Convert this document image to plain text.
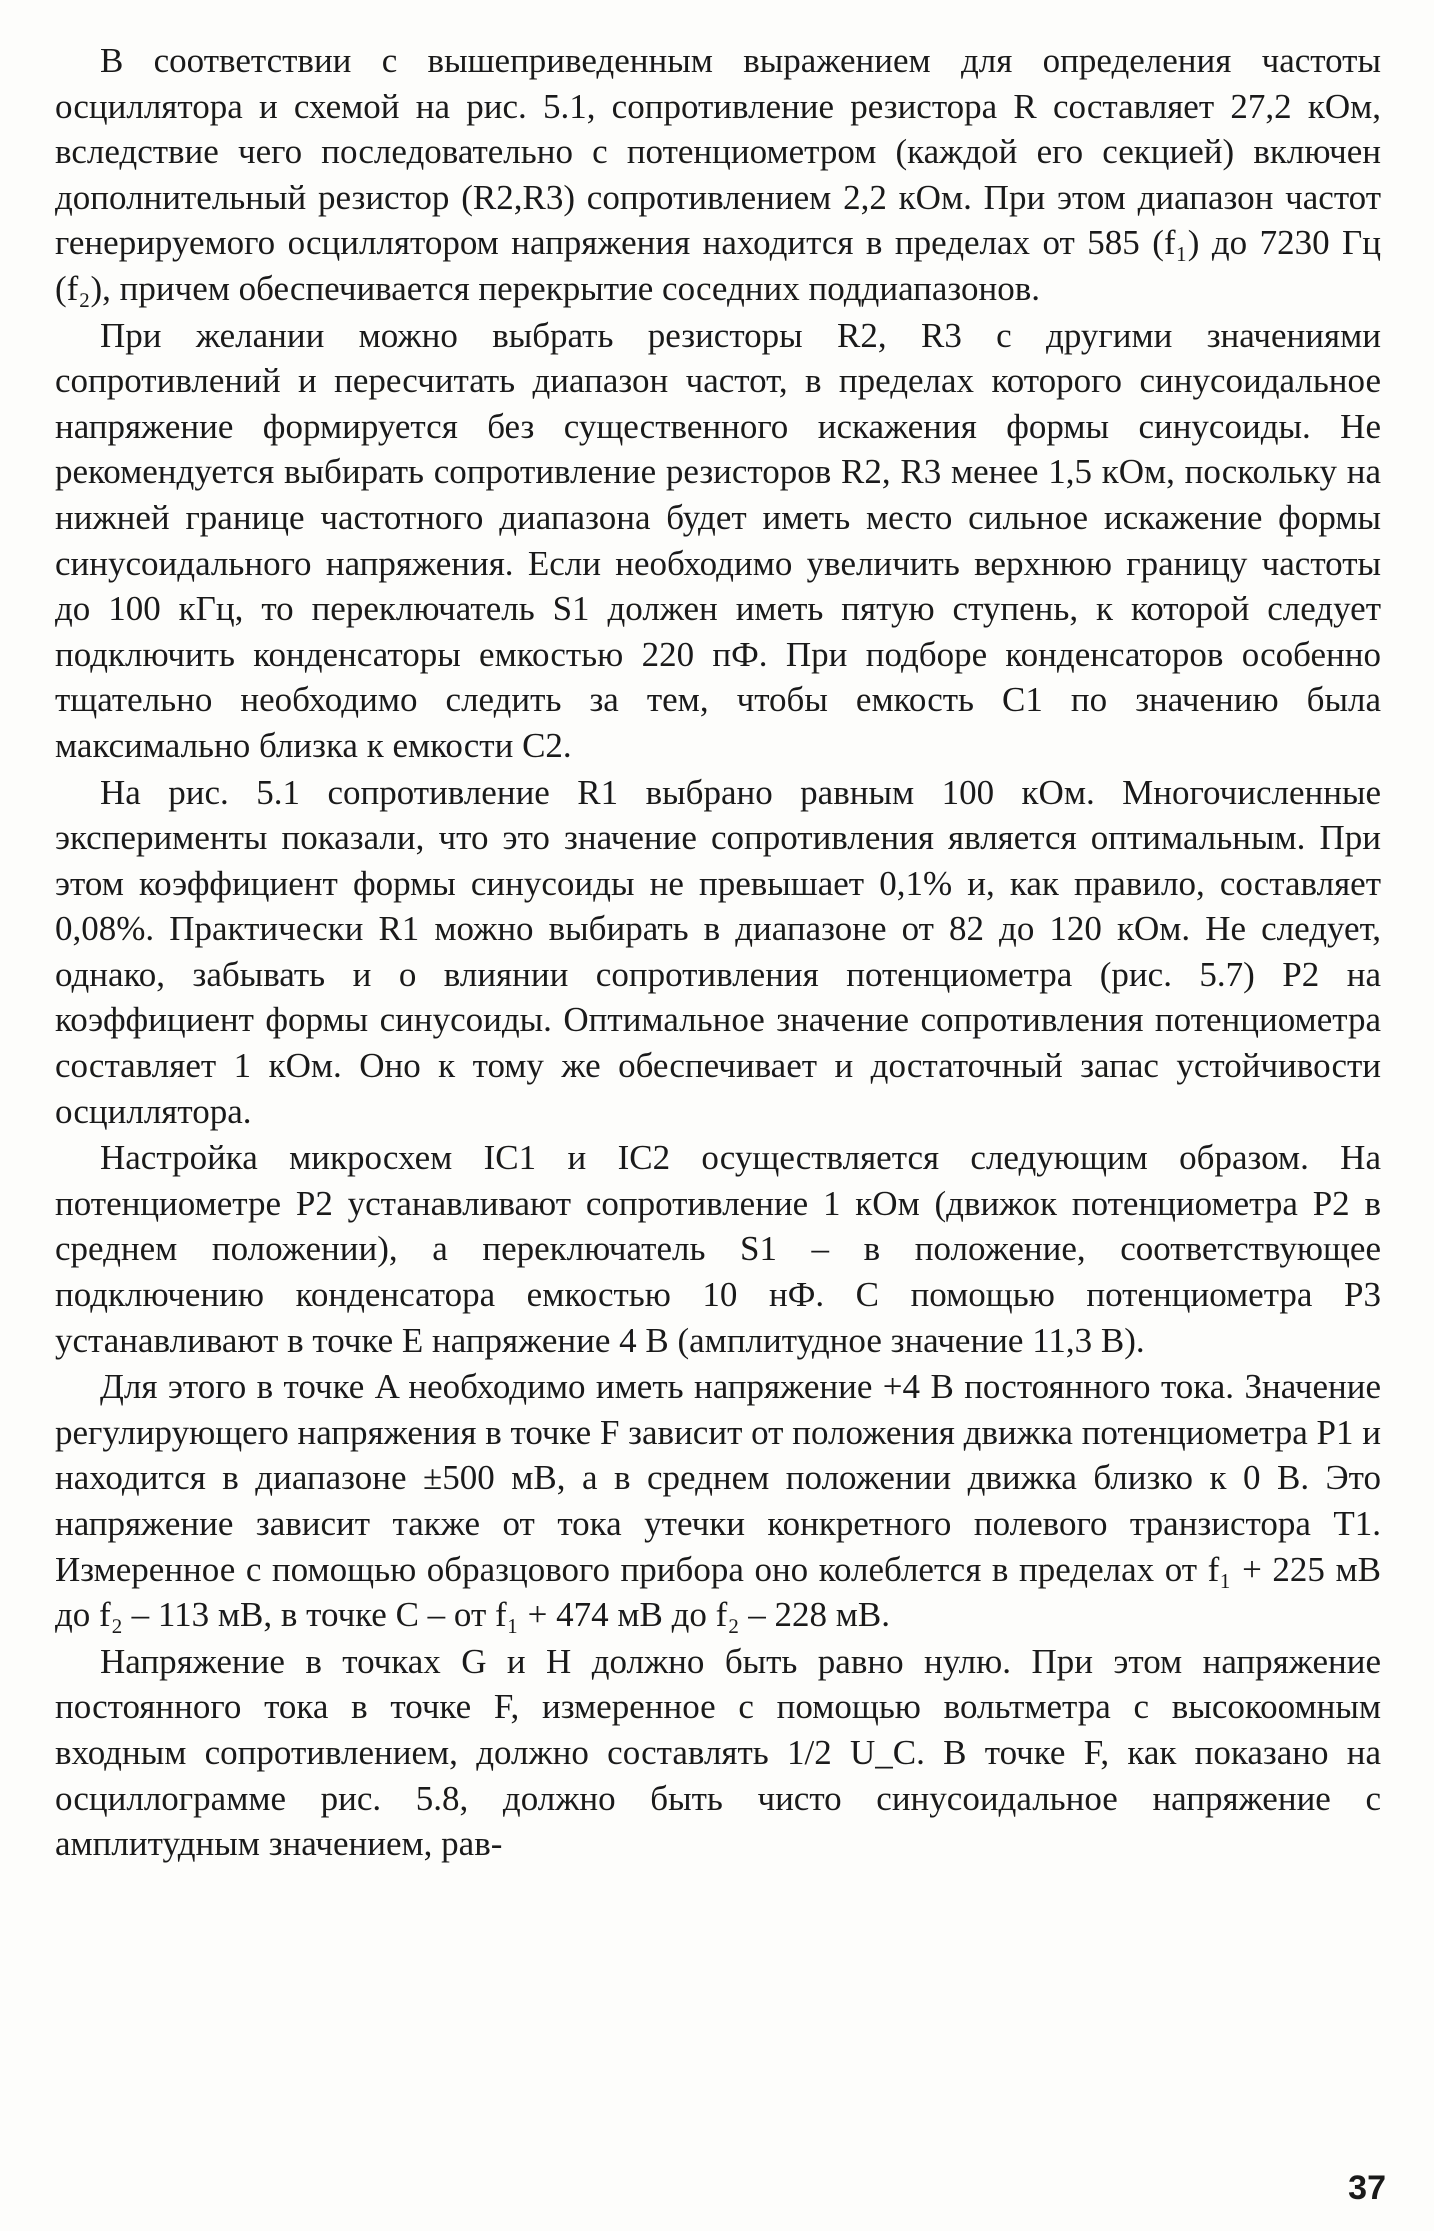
В соответствии с вышеприведенным выражением для определения частоты осциллятора и схемой на рис. 5.1, сопротивление резистора R составляет 27,2 кОм, вследствие чего последовательно с потенциометром (каждой его секцией) включен дополнительный резистор (R2,R3) сопротивлением 2,2 кОм. При этом диапазон частот генерируемого осциллятором напряжения находится в пределах от 585 (f₁) до 7230 Гц (f₂), причем обеспечивается перекрытие соседних поддиапазонов.

При желании можно выбрать резисторы R2, R3 с другими значениями сопротивлений и пересчитать диапазон частот, в пределах которого синусоидальное напряжение формируется без существенного искажения формы синусоиды. Не рекомендуется выбирать сопротивление резисторов R2, R3 менее 1,5 кОм, поскольку на нижней границе частотного диапазона будет иметь место сильное искажение формы синусоидального напряжения. Если необходимо увеличить верхнюю границу частоты до 100 кГц, то переключатель S1 должен иметь пятую ступень, к которой следует подключить конденсаторы емкостью 220 пФ. При подборе конденсаторов особенно тщательно необходимо следить за тем, чтобы емкость C1 по значению была максимально близка к емкости C2.

На рис. 5.1 сопротивление R1 выбрано равным 100 кОм. Многочисленные эксперименты показали, что это значение сопротивления является оптимальным. При этом коэффициент формы синусоиды не превышает 0,1% и, как правило, составляет 0,08%. Практически R1 можно выбирать в диапазоне от 82 до 120 кОм. Не следует, однако, забывать и о влиянии сопротивления потенциометра (рис. 5.7) P2 на коэффициент формы синусоиды. Оптимальное значение сопротивления потенциометра составляет 1 кОм. Оно к тому же обеспечивает и достаточный запас устойчивости осциллятора.

Настройка микросхем IC1 и IC2 осуществляется следующим образом. На потенциометре P2 устанавливают сопротивление 1 кОм (движок потенциометра P2 в среднем положении), а переключатель S1 – в положение, соответствующее подключению конденсатора емкостью 10 нФ. С помощью потенциометра P3 устанавливают в точке E напряжение 4 В (амплитудное значение 11,3 В).

Для этого в точке A необходимо иметь напряжение +4 В постоянного тока. Значение регулирующего напряжения в точке F зависит от положения движка потенциометра P1 и находится в диапазоне ±500 мВ, а в среднем положении движка близко к 0 В. Это напряжение зависит также от тока утечки конкретного полевого транзистора T1. Измеренное с помощью образцового прибора оно колеблется в пределах от f₁ + 225 мВ до f₂ – 113 мВ, в точке C – от f₁ + 474 мВ до f₂ – 228 мВ.

Напряжение в точках G и H должно быть равно нулю. При этом напряжение постоянного тока в точке F, измеренное с помощью вольтметра с высокоомным входным сопротивлением, должно составлять 1/2 U_C. В точке F, как показано на осциллограмме рис. 5.8, должно быть чисто синусоидальное напряжение с амплитудным значением, рав-

37
